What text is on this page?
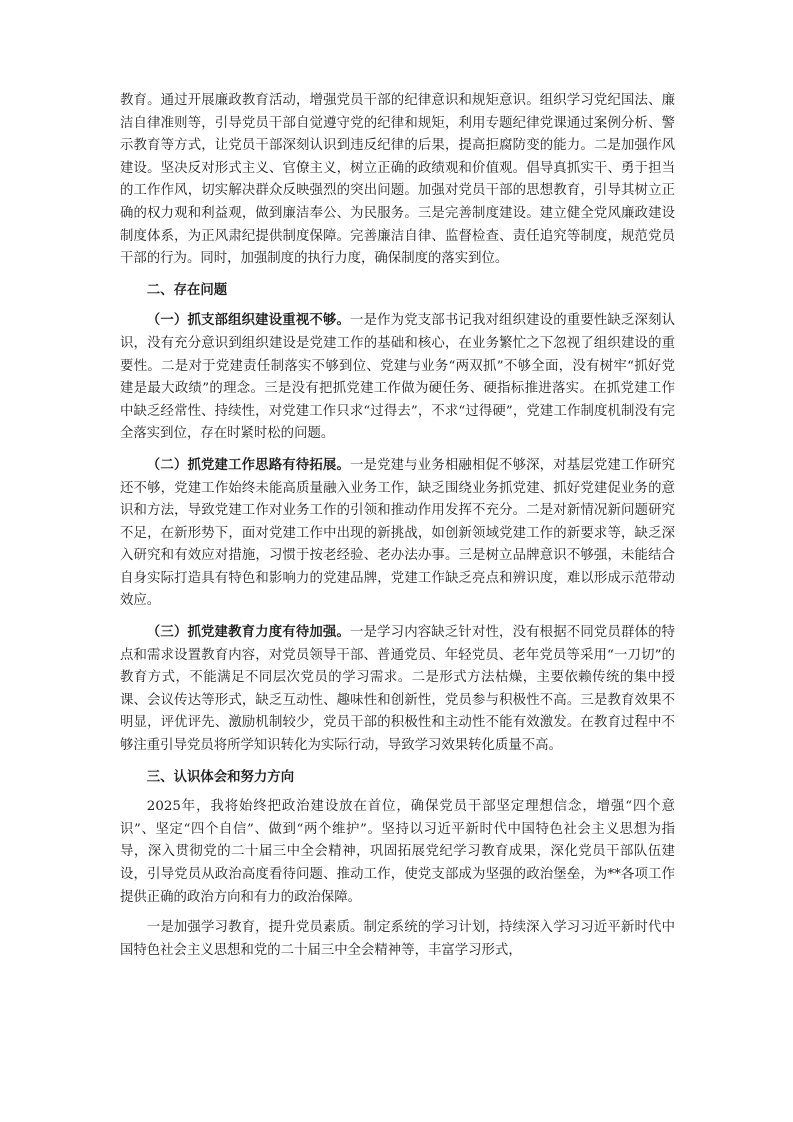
教育。通过开展廉政教育活动，增强党员干部的纪律意识和规矩意识。组织学习党纪国法、廉洁自律准则等，引导党员干部自觉遵守党的纪律和规矩，利用专题纪律党课通过案例分析、警示教育等方式，让党员干部深刻认识到违反纪律的后果，提高拒腐防变的能力。二是加强作风建设。坚决反对形式主义、官僚主义，树立正确的政绩观和价值观。倡导真抓实干、勇于担当的工作作风，切实解决群众反映强烈的突出问题。加强对党员干部的思想教育，引导其树立正确的权力观和利益观，做到廉洁奉公、为民服务。三是完善制度建设。建立健全党风廉政建设制度体系，为正风肃纪提供制度保障。完善廉洁自律、监督检查、责任追究等制度，规范党员干部的行为。同时，加强制度的执行力度，确保制度的落实到位。

二、存在问题

（一）抓支部组织建设重视不够。一是作为党支部书记我对组织建设的重要性缺乏深刻认识，没有充分意识到组织建设是党建工作的基础和核心，在业务繁忙之下忽视了组织建设的重要性。二是对于党建责任制落实不够到位、党建与业务“两双抓”不够全面，没有树牢“抓好党建是最大政绩”的理念。三是没有把抓党建工作做为硬任务、硬指标推进落实。在抓党建工作中缺乏经常性、持续性，对党建工作只求“过得去”，不求“过得硬”，党建工作制度机制没有完全落实到位，存在时紧时松的问题。

（二）抓党建工作思路有待拓展。一是党建与业务相融相促不够深，对基层党建工作研究还不够，党建工作始终未能高质量融入业务工作，缺乏围绕业务抓党建、抓好党建促业务的意识和方法，导致党建工作对业务工作的引领和推动作用发挥不充分。二是对新情况新问题研究不足，在新形势下，面对党建工作中出现的新挑战，如创新领域党建工作的新要求等，缺乏深入研究和有效应对措施，习惯于按老经验、老办法办事。三是树立品牌意识不够强，未能结合自身实际打造具有特色和影响力的党建品牌，党建工作缺乏亮点和辨识度，难以形成示范带动效应。

（三）抓党建教育力度有待加强。一是学习内容缺乏针对性，没有根据不同党员群体的特点和需求设置教育内容，对党员领导干部、普通党员、年轻党员、老年党员等采用“一刀切”的教育方式，不能满足不同层次党员的学习需求。二是形式方法枯燥，主要依赖传统的集中授课、会议传达等形式，缺乏互动性、趣味性和创新性，党员参与积极性不高。三是教育效果不明显，评优评先、激励机制较少，党员干部的积极性和主动性不能有效激发。在教育过程中不够注重引导党员将所学知识转化为实际行动，导致学习效果转化质量不高。

三、认识体会和努力方向

2025年，我将始终把政治建设放在首位，确保党员干部坚定理想信念，增强“四个意识”、坚定“四个自信”、做到“两个维护”。坚持以习近平新时代中国特色社会主义思想为指导，深入贯彻党的二十届三中全会精神，巩固拓展党纪学习教育成果，深化党员干部队伍建设，引导党员从政治高度看待问题、推动工作，使党支部成为坚强的政治堡垒，为**各项工作提供正确的政治方向和有力的政治保障。

一是加强学习教育，提升党员素质。制定系统的学习计划，持续深入学习习近平新时代中国特色社会主义思想和党的二十届三中全会精神等，丰富学习形式，
